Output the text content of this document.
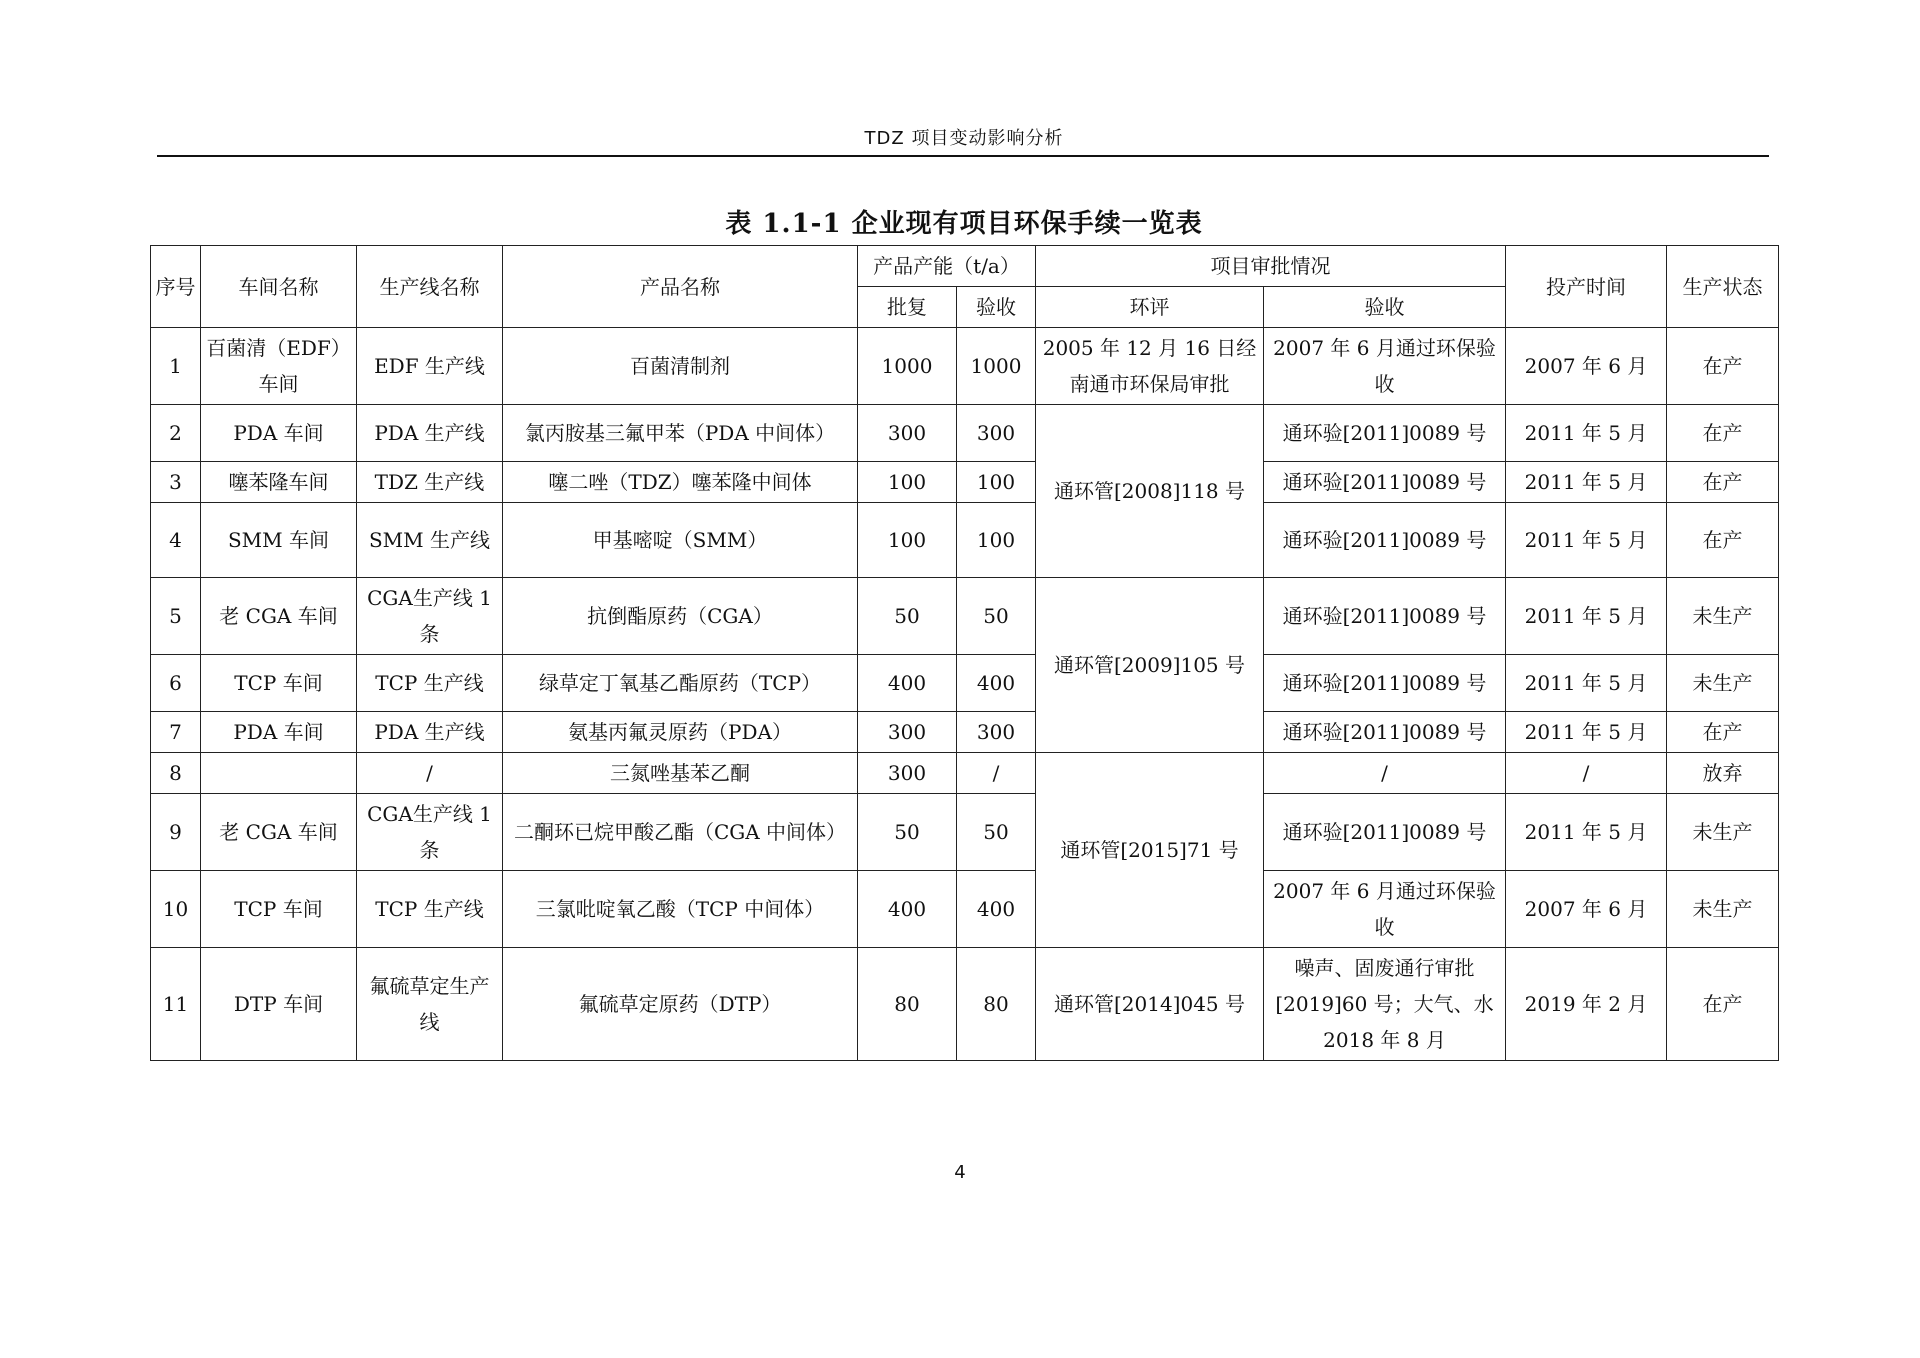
TDZ 项目变动影响分析
表 1.1-1 企业现有项目环保手续一览表
序号	车间名称	生产线名称	产品名称	产品产能（t/a）		项目审批情况		投产时间	生产状态
				批复	验收	环评	验收		
1	百菌清（EDF）车间	EDF 生产线	百菌清制剂	1000	1000	2005 年 12 月 16 日经南通市环保局审批	2007 年 6 月通过环保验收	2007 年 6 月	在产
2	PDA 车间	PDA 生产线	氯丙胺基三氟甲苯（PDA 中间体）	300	300	通环管[2008]118 号	通环验[2011]0089 号	2011 年 5 月	在产
3	噻苯隆车间	TDZ 生产线	噻二唑（TDZ）噻苯隆中间体	100	100		通环验[2011]0089 号	2011 年 5 月	在产
4	SMM 车间	SMM 生产线	甲基嘧啶（SMM）	100	100		通环验[2011]0089 号	2011 年 5 月	在产
5	老 CGA 车间	CGA生产线 1 条	抗倒酯原药（CGA）	50	50	通环管[2009]105 号	通环验[2011]0089 号	2011 年 5 月	未生产
6	TCP 车间	TCP 生产线	绿草定丁氧基乙酯原药（TCP）	400	400		通环验[2011]0089 号	2011 年 5 月	未生产
7	PDA 车间	PDA 生产线	氨基丙氟灵原药（PDA）	300	300		通环验[2011]0089 号	2011 年 5 月	在产
8		/	三氮唑基苯乙酮	300	/	通环管[2015]71 号	/	/	放弃
9	老 CGA 车间	CGA生产线 1 条	二酮环已烷甲酸乙酯（CGA 中间体）	50	50		通环验[2011]0089 号	2011 年 5 月	未生产
10	TCP 车间	TCP 生产线	三氯吡啶氧乙酸（TCP 中间体）	400	400		2007 年 6 月通过环保验收	2007 年 6 月	未生产
11	DTP 车间	氟硫草定生产线	氟硫草定原药（DTP）	80	80	通环管[2014]045 号	噪声、固废通行审批[2019]60 号；大气、水 2018 年 8 月	2019 年 2 月	在产
4
